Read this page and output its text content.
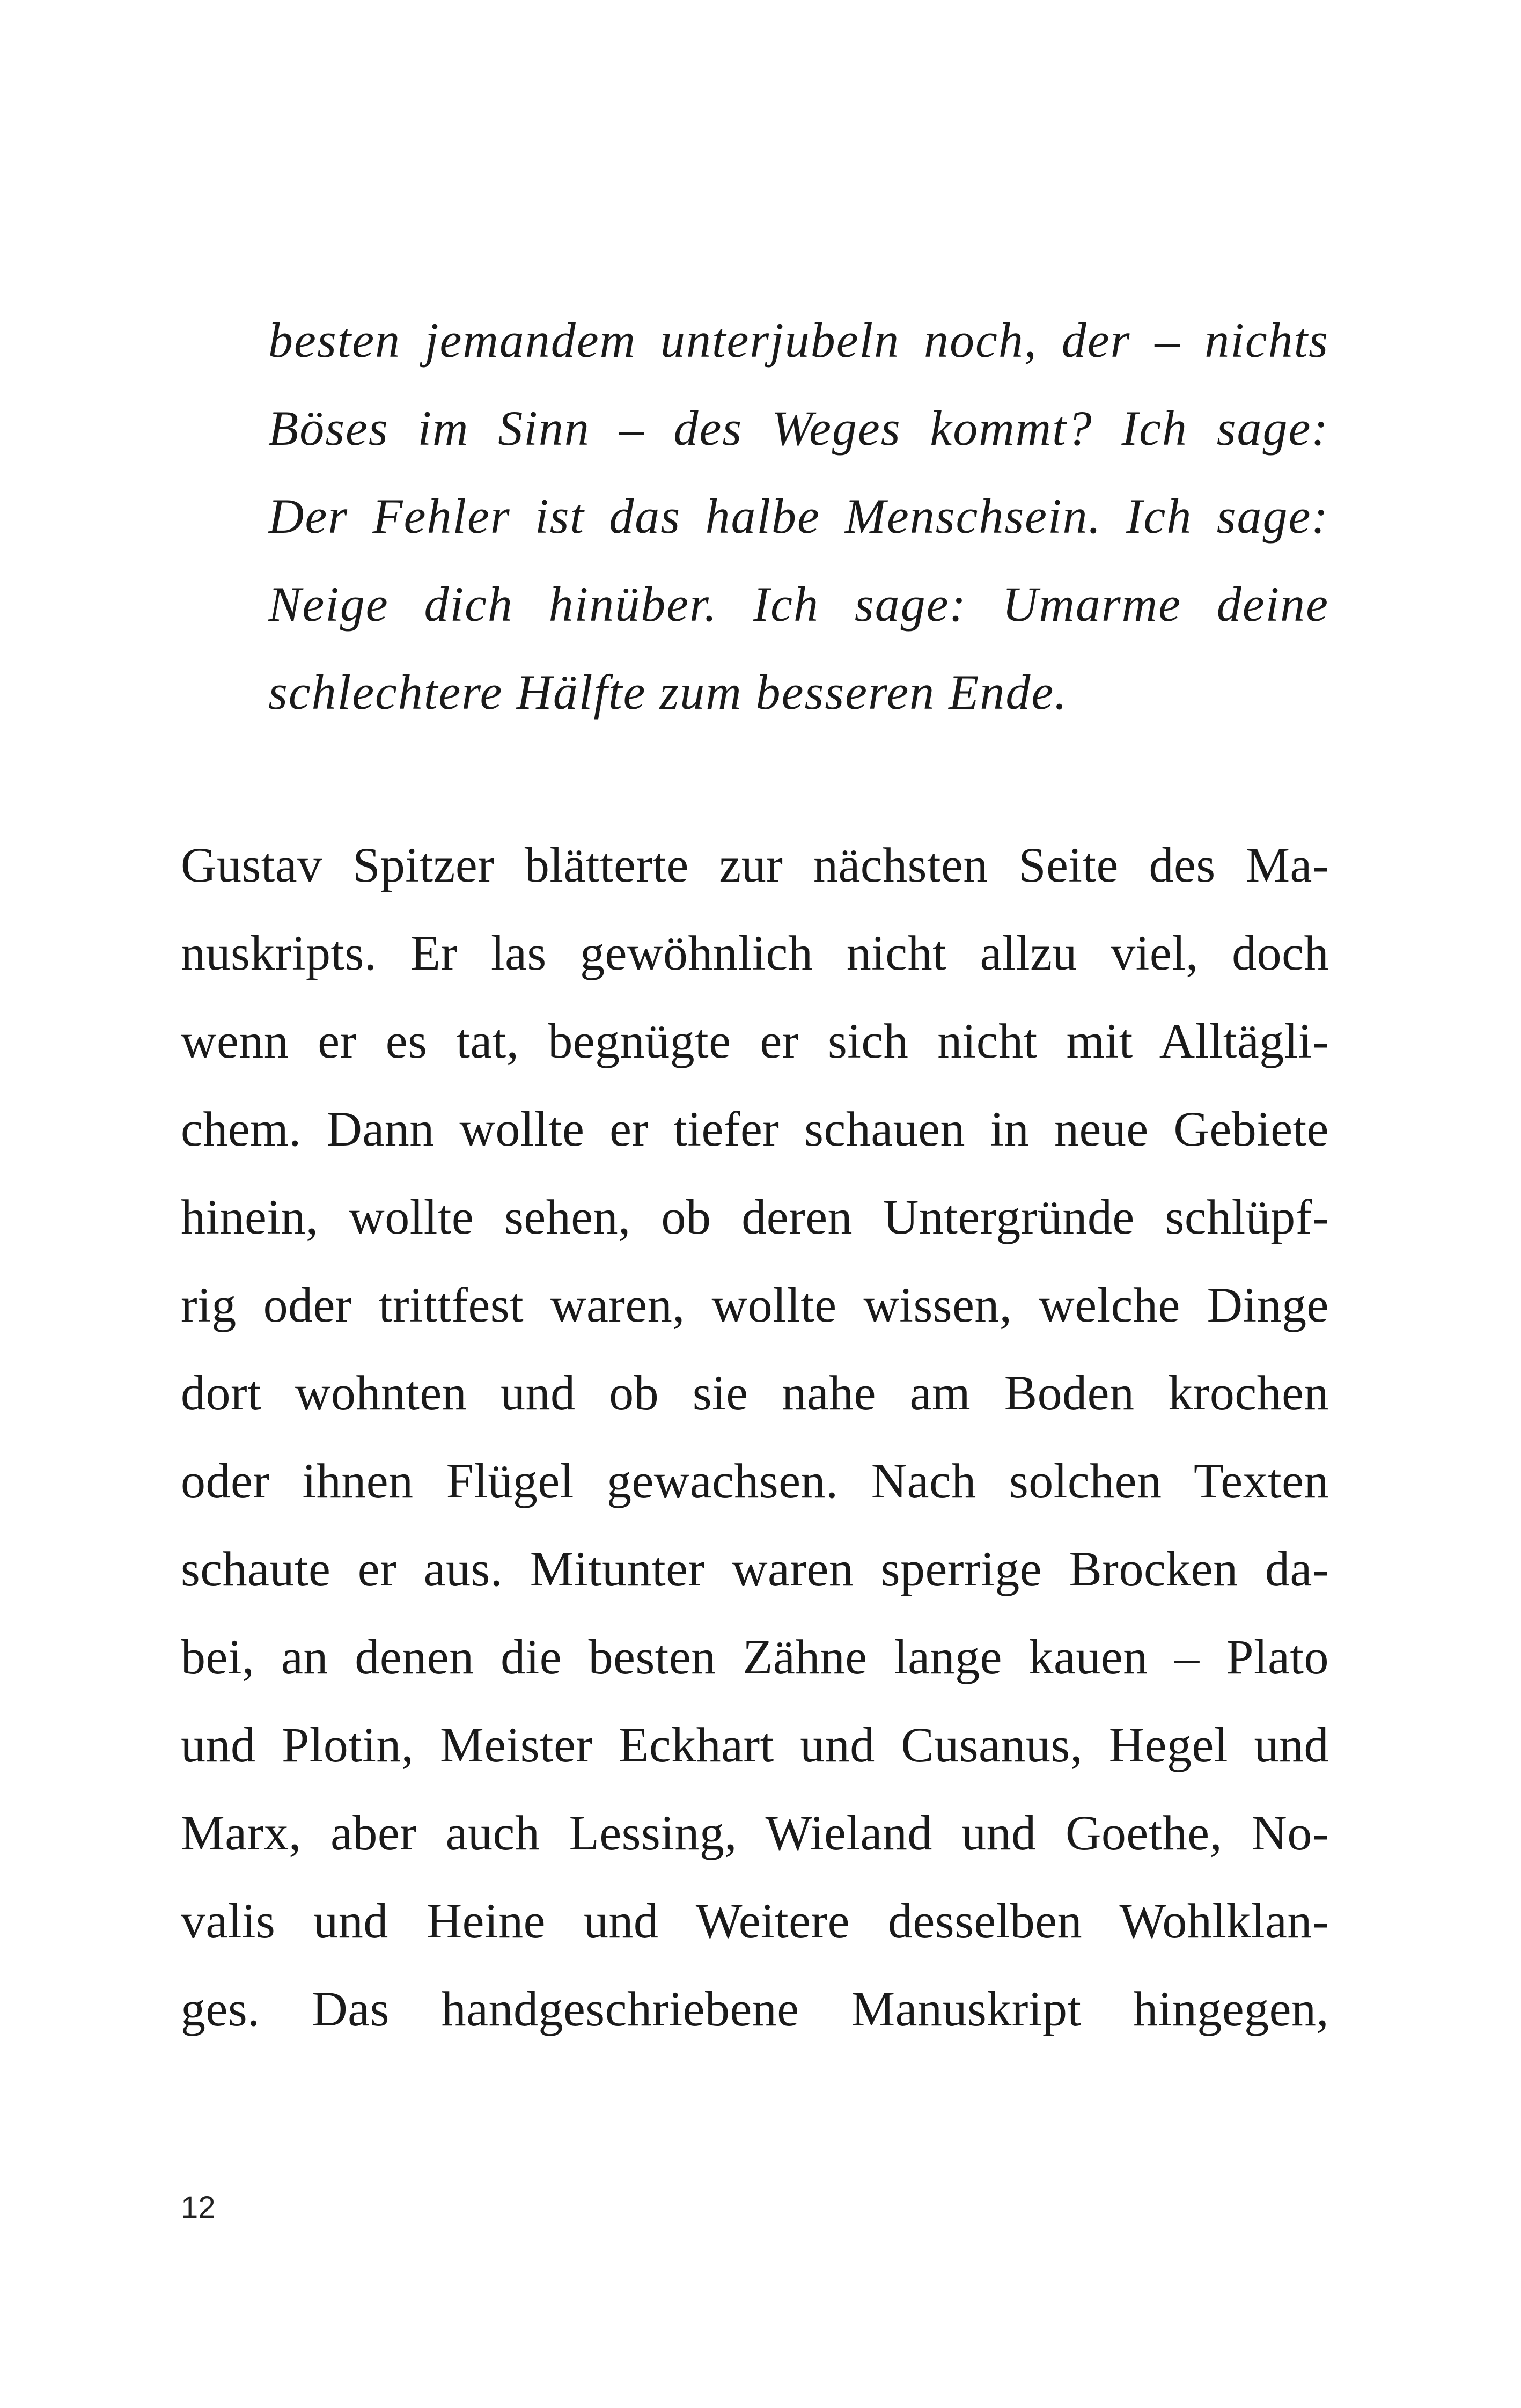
besten jemandem unterjubeln noch, der – nichts
Böses im Sinn – des Weges kommt? Ich sage:
Der Fehler ist das halbe Menschsein. Ich sage:
Neige dich hinüber. Ich sage: Umarme deine
schlechtere Hälfte zum besseren Ende.
Gustav Spitzer blätterte zur nächsten Seite des Ma-
nuskripts. Er las gewöhnlich nicht allzu viel, doch
wenn er es tat, begnügte er sich nicht mit Alltägli-
chem. Dann wollte er tiefer schauen in neue Gebiete
hinein, wollte sehen, ob deren Untergründe schlüpf-
rig oder trittfest waren, wollte wissen, welche Dinge
dort wohnten und ob sie nahe am Boden krochen
oder ihnen Flügel gewachsen. Nach solchen Texten
schaute er aus. Mitunter waren sperrige Brocken da-
bei, an denen die besten Zähne lange kauen – Plato
und Plotin, Meister Eckhart und Cusanus, Hegel und
Marx, aber auch Lessing, Wieland und Goethe, No-
valis und Heine und Weitere desselben Wohlklan-
ges. Das handgeschriebene Manuskript hingegen,
12
